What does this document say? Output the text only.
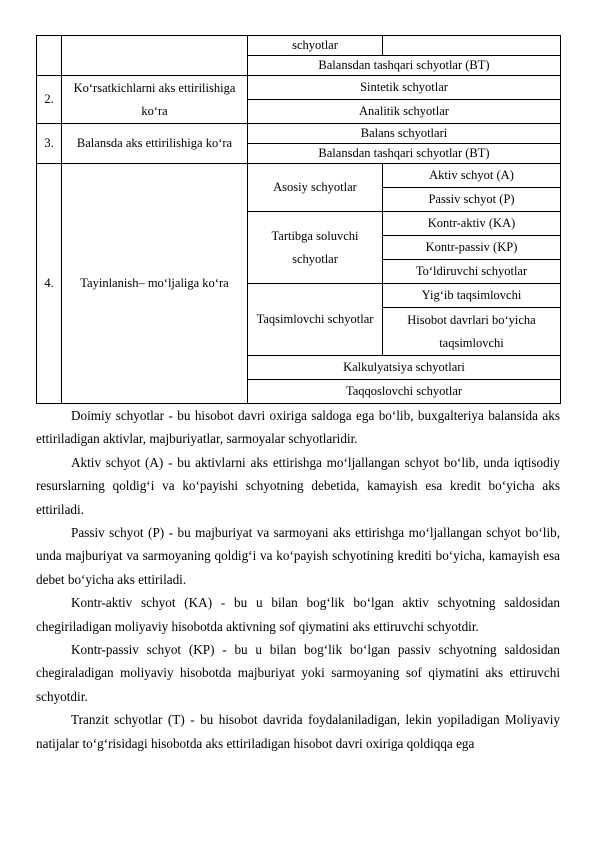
		schyotlar	
		Balansdan tashqari schyotlar (BT)	
2.	Ko‘rsatkichlarni aks ettirilishiga ko‘ra	Sintetik schyotlar	
		Analitik schyotlar	
3.	Balansda aks ettirilishiga ko‘ra	Balans schyotlari	
		Balansdan tashqari schyotlar (BT)	
4.	Tayinlanish– mo‘ljaliga ko‘ra	Asosiy schyotlar	Aktiv schyot (A)
			Passiv schyot (P)
		Tartibga soluvchi schyotlar	Kontr-aktiv (KA)
			Kontr-passiv (KP)
			To‘ldiruvchi schyotlar
		Taqsimlovchi schyotlar	Yig‘ib taqsimlovchi
			Hisobot davrlari bo‘yicha taqsimlovchi

		Kalkulyatsiya schyotlari	
		Taqqoslovchi schyotlar	

Doimiy schyotlar - bu hisobot davri oxiriga saldoga ega bo‘lib, buxgalteriya balansida aks ettiriladigan aktivlar, majburiyatlar, sarmoyalar schyotlaridir.

Aktiv schyot (A) - bu aktivlarni aks ettirishga mo‘ljallangan schyot bo‘lib, unda iqtisodiy resurslarning qoldig‘i va ko‘payishi schyotning debetida, kamayish esa kredit bo‘yicha aks ettiriladi.

Passiv schyot (P) - bu majburiyat va sarmoyani aks ettirishga mo‘ljallangan schyot bo‘lib, unda majburiyat va sarmoyaning qoldig‘i va ko‘payish schyotining krediti bo‘yicha, kamayish esa debet bo‘yicha aks ettiriladi.

Kontr-aktiv schyot (KA) - bu u bilan bog‘lik bo‘lgan aktiv schyotning saldosidan chegiriladigan moliyaviy hisobotda aktivning sof qiymatini aks ettiruvchi schyotdir.

Kontr-passiv schyot (KP) - bu u bilan bog‘lik bo‘lgan passiv schyotning saldosidan chegiraladigan moliyaviy hisobotda majburiyat yoki sarmoyaning sof qiymatini aks ettiruvchi schyotdir.

Tranzit schyotlar (T) - bu hisobot davrida foydalaniladigan, lekin yopiladigan Moliyaviy natijalar to‘g‘risidagi hisobotda aks ettiriladigan hisobot davri oxiriga qoldiqqa ega
